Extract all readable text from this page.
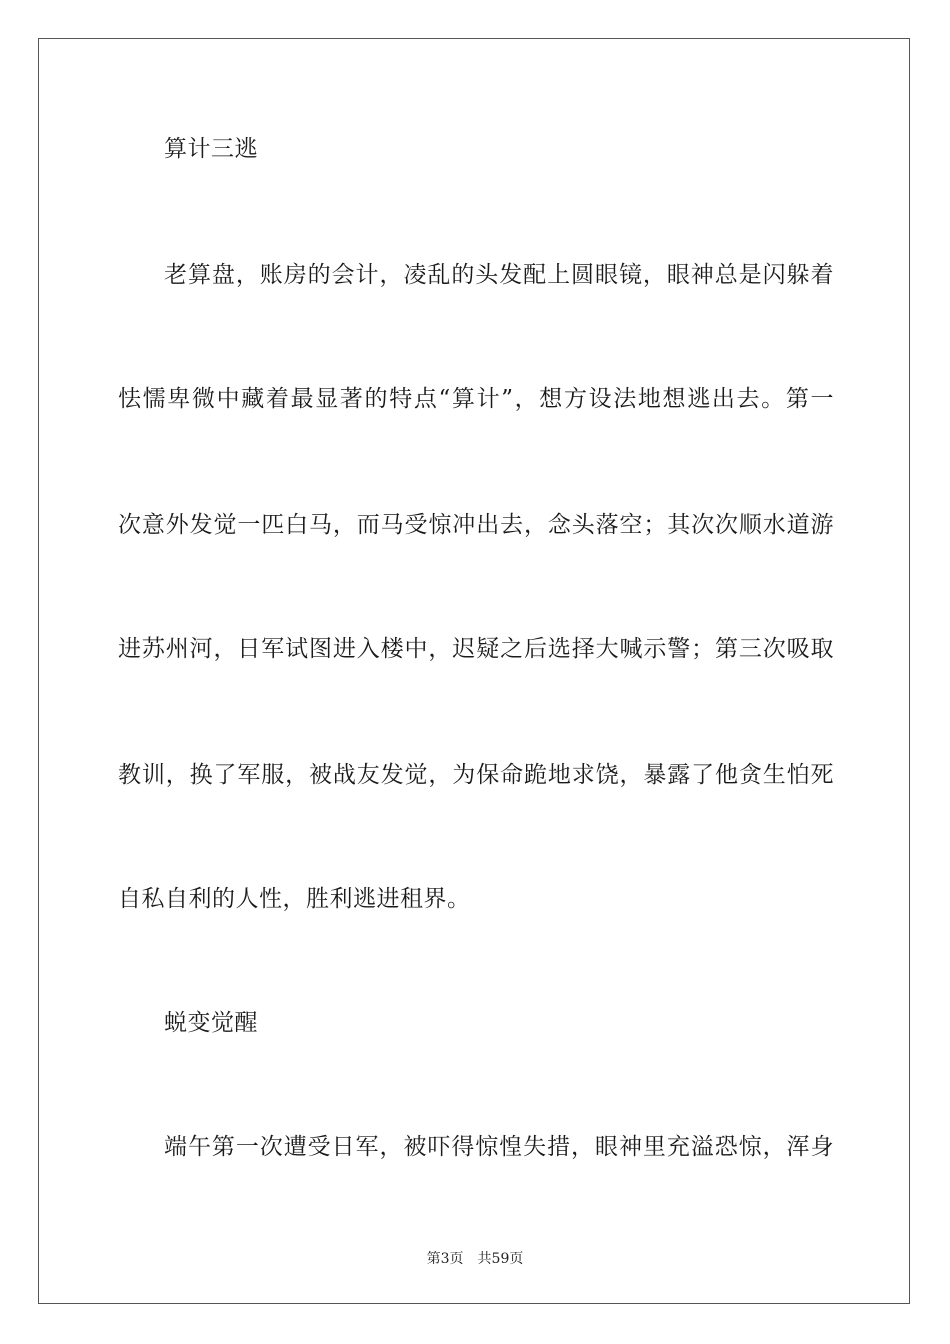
算计三逃
老算盘，账房的会计，凌乱的头发配上圆眼镜，眼神总是闪躲着
怯懦卑微中藏着最显著的特点“算计”，想方设法地想逃出去。第一
次意外发觉一匹白马，而马受惊冲出去，念头落空；其次次顺水道游
进苏州河，日军试图进入楼中，迟疑之后选择大喊示警；第三次吸取
教训，换了军服，被战友发觉，为保命跪地求饶，暴露了他贪生怕死
自私自利的人性，胜利逃进租界。
蜕变觉醒
端午第一次遭受日军，被吓得惊惶失措，眼神里充溢恐惊，浑身
第3页 共59页
